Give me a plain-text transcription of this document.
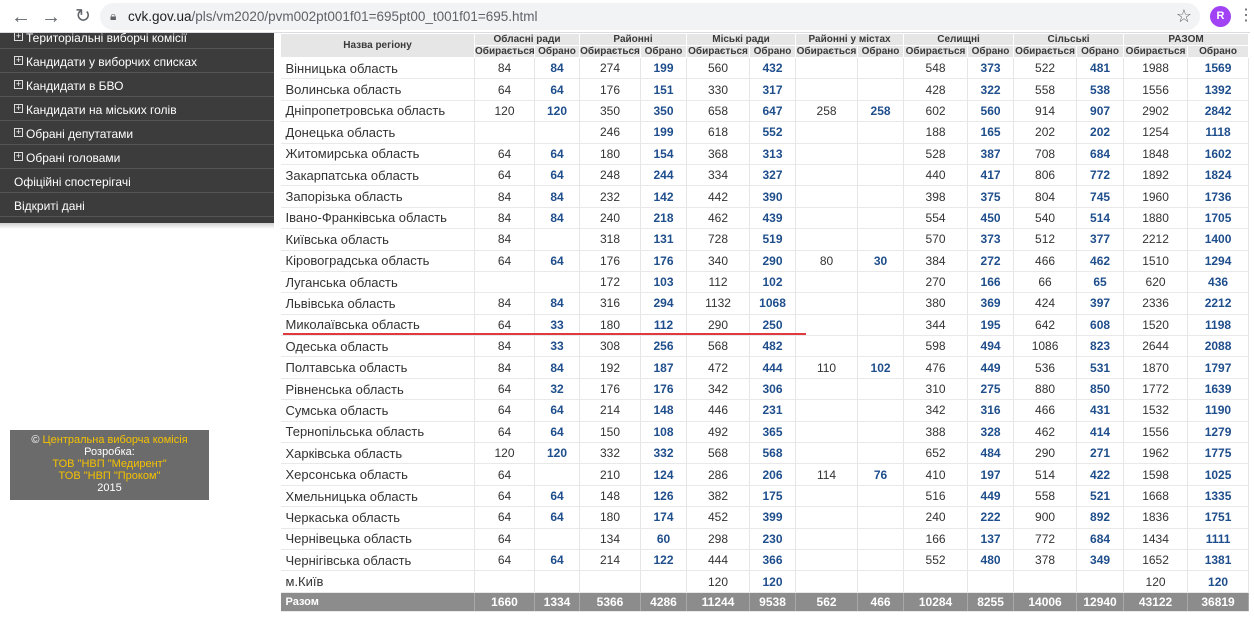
← → ↻	🔒︎ cvk.gov.ua/pls/vm2020/pvm002pt001f01=695pt00_t001f01=695.html	☆	R ⋮
+ Територіальні виборчі комісії
+ Кандидати у виборчих списках
+ Кандидати в БВО
+ Кандидати на міських голів
+ Обрані депутатами
+ Обрані головами
Офіційні спостерігачі
Відкриті дані
© Центральна виборча комісія
Розробка:
ТОВ "НВП "Медирент"
ТОВ "НВП "Проком"
2015
Назва регіону	Обласні ради		Районні		Міські ради		Районні у містах		Селищні		Сільські		РАЗОМ	
	Обирається	Обрано	Обирається	Обрано	Обирається	Обрано	Обирається	Обрано	Обирається	Обрано	Обирається	Обрано	Обирається	Обрано
Вінницька область	84	84	274	199	560	432			548	373	522	481	1988	1569
Волинська область	64	64	176	151	330	317			428	322	558	538	1556	1392
Дніпропетровська область	120	120	350	350	658	647	258	258	602	560	914	907	2902	2842
Донецька область			246	199	618	552			188	165	202	202	1254	1118
Житомирська область	64	64	180	154	368	313			528	387	708	684	1848	1602
Закарпатська область	64	64	248	244	334	327			440	417	806	772	1892	1824
Запорізька область	84	84	232	142	442	390			398	375	804	745	1960	1736
Івано-Франківська область	84	84	240	218	462	439			554	450	540	514	1880	1705
Київська область	84		318	131	728	519			570	373	512	377	2212	1400
Кіровоградська область	64	64	176	176	340	290	80	30	384	272	466	462	1510	1294
Луганська область			172	103	112	102			270	166	66	65	620	436
Львівська область	84	84	316	294	1132	1068			380	369	424	397	2336	2212
Миколаївська область	64	33	180	112	290	250			344	195	642	608	1520	1198
Одеська область	84	33	308	256	568	482			598	494	1086	823	2644	2088
Полтавська область	84	84	192	187	472	444	110	102	476	449	536	531	1870	1797
Рівненська область	64	32	176	176	342	306			310	275	880	850	1772	1639
Сумська область	64	64	214	148	446	231			342	316	466	431	1532	1190
Тернопільська область	64	64	150	108	492	365			388	328	462	414	1556	1279
Харківська область	120	120	332	332	568	568			652	484	290	271	1962	1775
Херсонська область	64		210	124	286	206	114	76	410	197	514	422	1598	1025
Хмельницька область	64	64	148	126	382	175			516	449	558	521	1668	1335
Черкаська область	64	64	180	174	452	399			240	222	900	892	1836	1751
Чернівецька область	64		134	60	298	230			166	137	772	684	1434	1111
Чернігівська область	64	64	214	122	444	366			552	480	378	349	1652	1381
м.Київ					120	120							120	120
Разом	1660	1334	5366	4286	11244	9538	562	466	10284	8255	14006	12940	43122	36819
